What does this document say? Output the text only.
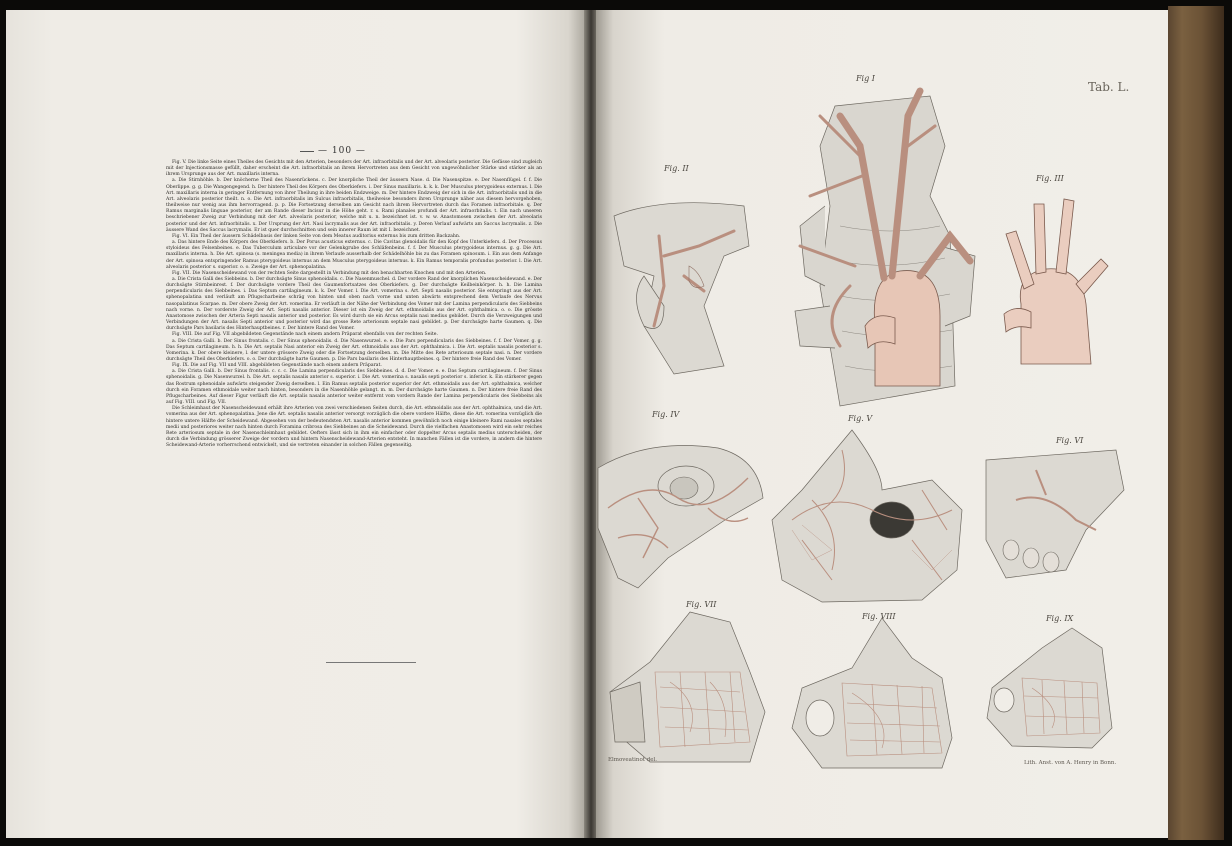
— 100 —

Fig. V. Die linke Seite eines Theiles des Gesichts mit den Arterien, besonders der Art. infraorbitalis und der Art. alveolaris posterior. Die Gefässe sind zugleich mit der Injectionsmasse gefüllt, daher erscheint die Art. infraorbitalis an ihrem Hervortreten aus dem Gesicht von ungewöhnlicher Stärke und stärker als an ihrem Ursprunge aus der Art. maxillaris interna.

a. Die Stirnhöhle. b. Der knöcherne Theil des Nasenrückens. c. Der knorpliche Theil der äussern Nase. d. Die Nasenspitze. e. Der Nasenflügel. f. f. Die Oberlippe. g. g. Die Wangengegend. h. Der hintere Theil des Körpers des Oberkiefers. i. Der Sinus maxillaris. k. k. k. Der Musculus pterygoideus externus. l. Die Art. maxillaris interna in geringer Entfernung von ihrer Theilung in ihre beiden Endzweige. m. Der hintere Endzweig der sich in die Art. infraorbitalis und in die Art. alveolaris posterior theilt. n. o. Die Art. infraorbitalis im Sulcus infraorbitalis, theilweise besonders ihren Ursprunge näher aus diesem hervorgehoben, theilweise nur wenig aus ihm hervorragend. p. p. Die Fortsetzung derselben am Gesicht nach ihrem Hervortreten durch das Foramen infraorbitale. q. Der Ramus marginalis linguae posterior, der am Rande dieser Incisur in die Höhe geht. r. s. Rami planales profundi der Art. infraorbitalis. t. Ein nach unseren beschriebener Zweig zur Verbindung mit der Art. alveolaris posterior, welche mit u. n. bezeichnet ist. v. w. w. Anastomosen zwischen der Art. alveolaris posterior und der Art. infraorbitalis. x. Der Ursprung der Art. Nasi lacrymalis aus der Art. infraorbitalis. y. Deren Verlauf aufwärts am Saccus lacrymalis. z. Die äussere Wand des Saccus lacrymalis. Er ist quer durchschnitten und sein innerer Raum ist mit I. bezeichnet.

Fig. VI. Ein Theil der äussern Schädelbasis der linken Seite von dem Meatus auditorius externus bis zum dritten Backzahn.

a. Das hintere Ende des Körpers des Oberkiefers. b. Der Porus acusticus externus. c. Die Cavitas glenoidalis für den Kopf des Unterkiefers. d. Der Processus styloideus des Felsenbeines. e. Das Tuberculum articulare vor der Gelenkgrube des Schläfenbeins. f. f. Der Musculus pterygoideus internus. g. g. Die Art. maxillaris interna. h. Die Art. spinosa (s. meningea media) in ihrem Verlaufe ausserhalb der Schädelhöhle bis zu das Foramen spinosum. i. Ein aus dem Anfange der Art. spinosa entspringender Ramus pterygoideus internus an dem Musculus pterygoideus internus. k. Ein Ramus temporalis profundus posterior. l. Die Art. alveolaris posterior s. superior. o. o. Zweige der Art. sphenopalatina.

Fig. VII. Die Nasenscheidewand von der rechten Seite dargestellt in Verbindung mit den benachbarten Knochen und mit den Arterien.

a. Die Crista Galli des Siebbeins. b. Der durchsägte Sinus sphenoidalis. c. Die Nasenmuschel. d. Der vordere Rand der knorplichen Nasenscheidewand. e. Der durchsägte Stirnbeinrest. f. Der durchsägte vordere Theil des Gaumenfortsatzes des Oberkiefers. g. Der durchsägte Keilbeinkörper. h. h. Die Lamina perpendicularis des Siebbeines. i. Das Septum cartilagineum. k. k. Der Vomer. l. Die Art. vomerina s. Art. Septi nasalis posterior. Sie entspringt aus der Art. sphenopalatina und verläuft am Pflugscharbeine schräg von hinten und oben nach vorne und unten abwärts entsprechend dem Verlaufe des Nervus nasopalatinus Scarpae. m. Der obere Zweig der Art. vomerina. Er verläuft in der Nähe der Verbindung des Vomer mit der Lamina perpendicularis des Siebbeins nach vorne. n. Der vorderste Zweig der Art. Septi nasalis anterior. Dieser ist ein Zweig der Art. ethmoidalis aus der Art. ophthalmica. o. o. Die grösste Anastomose zwischen der Arteria Septi nasalis anterior und posterior. Es wird durch sie ein Arcus septalis nasi medius gebildet. Durch die Verzweigungen und Verbindungen der Art. nasalis Septi anterior und posterior wird das grosse Rete arteriosum septale nasi gebildet. p. Der durchsägte harte Gaumen. q. Die durchsägte Pars basilaris des Hinterhauptbeines. r. Der hintere Rand des Vomer.

Fig. VIII. Die auf Fig. VII abgebildeten Gegenstände nach einem andern Präparat ebenfalls von der rechten Seite.

a. Die Crista Galli. b. Der Sinus frontalis. c. Der Sinus sphenoidalis. d. Die Nasenwurzel. e. e. Die Pars perpendicularis des Siebbeines. f. f. Der Vomer. g. g. Das Septum cartilagineum. h. h. Die Art. septalis Nasi anterior ein Zweig der Art. ethmoidalis aus der Art. ophthalmica. i. Die Art. septalis nasalis posterior s. Vomerina. k. Der obere kleinere, l. der untere grössere Zweig oder die Fortsetzung derselben. m. Die Mitte des Rete arteriosum septale nasi. n. Der vordere durchsägte Theil des Oberkiefers. o. o. Der durchsägte harte Gaumen. p. Die Pars basilaris des Hinterhauptbeines. q. Der hintere freie Rand des Vomer.

Fig. IX. Die auf Fig. VII und VIII. abgebildeten Gegenstände nach einem andern Präparat.

a. Die Crista Galli. b. Der Sinus frontalis. c. c. c. Die Lamina perpendicularis des Siebbeines. d. d. Der Vomer. e. e. Das Septum cartilagineum. f. Der Sinus sphenoidalis. g. Die Nasenwurzel. h. Die Art. septalis nasalis anterior s. superior. i. Die Art. vomerina s. nasalis septi posterior s. inferior. k. Ein stärkerer gegen das Rostrum sphenoidale aufwärts steigender Zweig derselben. l. Ein Ramus septalis posterior superior der Art. ethmoidalis aus der Art. ophthalmica, welcher durch ein Foramen ethmoidale weiter nach hinten, besonders in die Nasenhöhle gelangt. m. m. Der durchsägte harte Gaumen. n. Der hintere freie Rand des Pflugscharbeines. Auf dieser Figur verläuft die Art. septalis nasalis anterior weiter entfernt vom vordern Rande der Lamina perpendicularis des Siebbeins als auf Fig. VIII. und Fig. VII.

Die Schleimhaut der Nasenscheidewand erhält ihre Arterien von zwei verschiedenen Seiten durch, die Art. ethmoidalis aus der Art. ophthalmica, und die Art. vomerina aus der Art. sphenopalatina. Jene die Art. septalis nasalis anterior versorgt vorzüglich die obere vordere Hälfte, diese die Art. vomerina vorzüglich die hintere untere Hälfte der Scheidewand. Abgesehen von der bedeutendsten Art. nasalis anterior kommen gewöhnlich noch einige kleinere Rami nasales septales medii und posteriores weiter nach hinten durch Foramina cribrosa des Siebbeines an die Scheidewand. Durch die vielfachen Anastomosen wird ein sehr reiches Rete arteriosum septale in der Nasenschleimhaut gebildet. Oefters lässt sich in ihm ein einfacher oder doppelter Arcus septalis medius unterscheiden, der durch die Verbindung grösserer Zweige der vordern und hintern Nasenscheidewand-Arterien entsteht. In manchen Fällen ist die vordere, in andern die hintere Scheidewand-Arterie vorherrschend entwickelt, und sie vertreten einander in solchen Fällen gegenseitig.

Tab. L.
Fig I
Fig. II
Fig. III
Fig. IV	Fig. V
Fig. VI
Fig. VII
Fig. VIII	Fig. IX
Elmoveatinot del.	Lith. Anst. von A. Henry in Bonn.
